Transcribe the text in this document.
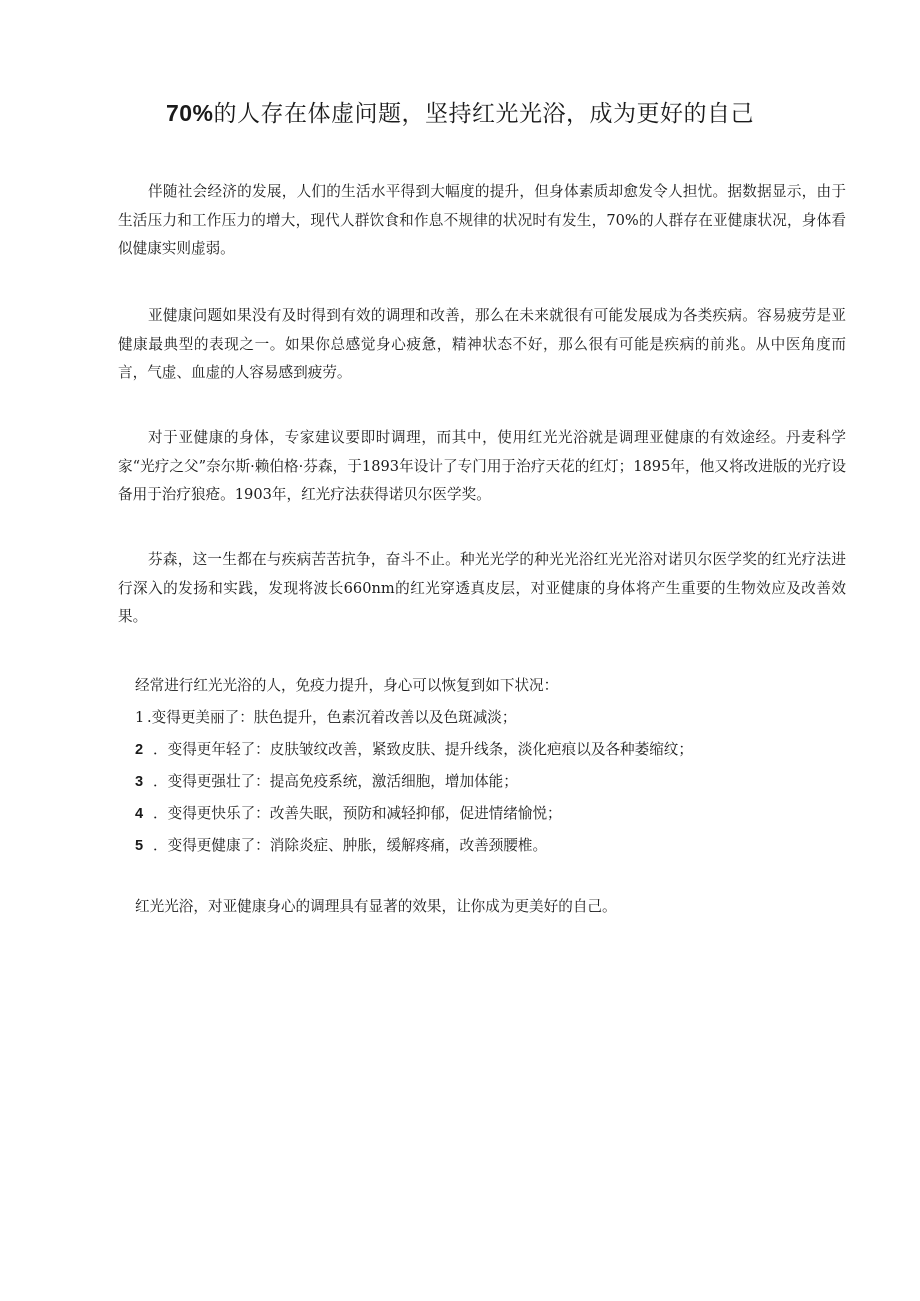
70%的人存在体虚问题，坚持红光光浴，成为更好的自己

伴随社会经济的发展，人们的生活水平得到大幅度的提升，但身体素质却愈发令人担忧。据数据显示，由于生活压力和工作压力的增大，现代人群饮食和作息不规律的状况时有发生，70%的人群存在亚健康状况，身体看似健康实则虚弱。

亚健康问题如果没有及时得到有效的调理和改善，那么在未来就很有可能发展成为各类疾病。容易疲劳是亚健康最典型的表现之一。如果你总感觉身心疲惫，精神状态不好，那么很有可能是疾病的前兆。从中医角度而言，气虚、血虚的人容易感到疲劳。

对于亚健康的身体，专家建议要即时调理，而其中，使用红光光浴就是调理亚健康的有效途经。丹麦科学家“光疗之父”奈尔斯·赖伯格·芬森，于1893年设计了专门用于治疗天花的红灯；1895年，他又将改进版的光疗设备用于治疗狼疮。1903年，红光疗法获得诺贝尔医学奖。

芬森，这一生都在与疾病苦苦抗争，奋斗不止。种光光学的种光光浴红光光浴对诺贝尔医学奖的红光疗法进行深入的发扬和实践，发现将波长660nm的红光穿透真皮层，对亚健康的身体将产生重要的生物效应及改善效果。

经常进行红光光浴的人，免疫力提升，身心可以恢复到如下状况：

1 .变得更美丽了：肤色提升，色素沉着改善以及色斑减淡；
2 ．变得更年轻了：皮肤皱纹改善，紧致皮肤、提升线条，淡化疤痕以及各种萎缩纹；
3 ．变得更强壮了：提高免疫系统，激活细胞，增加体能；
4 ．变得更快乐了：改善失眠，预防和减轻抑郁，促进情绪愉悦；
5 ．变得更健康了：消除炎症、肿胀，缓解疼痛，改善颈腰椎。

红光光浴，对亚健康身心的调理具有显著的效果，让你成为更美好的自己。
